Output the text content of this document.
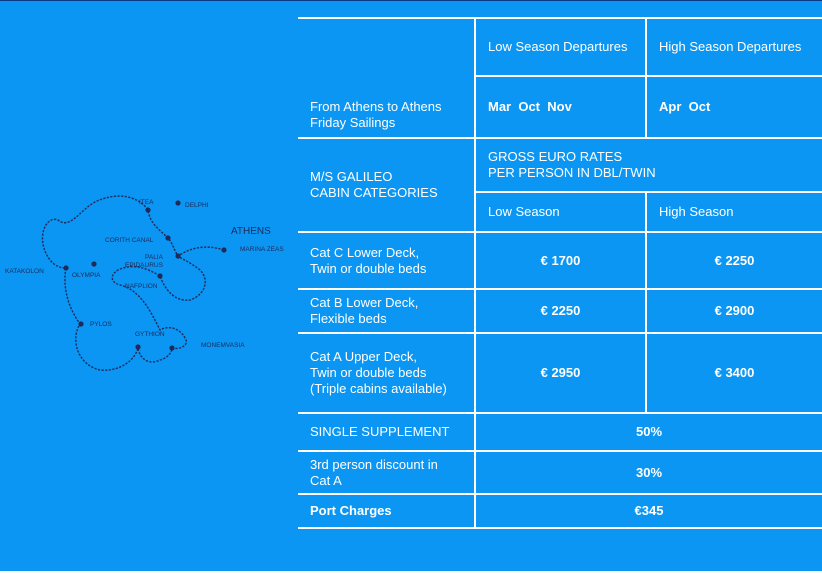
ITEA	DELPHI
ATHENS
CORITH CANAL
MARINA ZEAS
PALIA
EPIDAURUS
KATAKOLON
OLYMPIA
NAFPLION
PYLOS
GYTHION
MONEMVASIA
From Athens to Athens
Friday Sailings	Low Season Departures	High Season Departures
	Mar  Oct  Nov	Apr  Oct

M/S GALILEO
CABIN CATEGORIES	GROSS EURO RATES
PER PERSON IN DBL/TWIN	

	Low Season	High Season

Cat C Lower Deck,
Twin or double beds	€ 1700	€ 2250

Cat B Lower Deck,
Flexible beds	€ 2250	€ 2900

Cat A Upper Deck,
Twin or double beds
(Triple cabins available)	€ 2950	€ 3400
SINGLE SUPPLEMENT	50%	

3rd person discount in
Cat A	30%	
Port Charges	€345	
